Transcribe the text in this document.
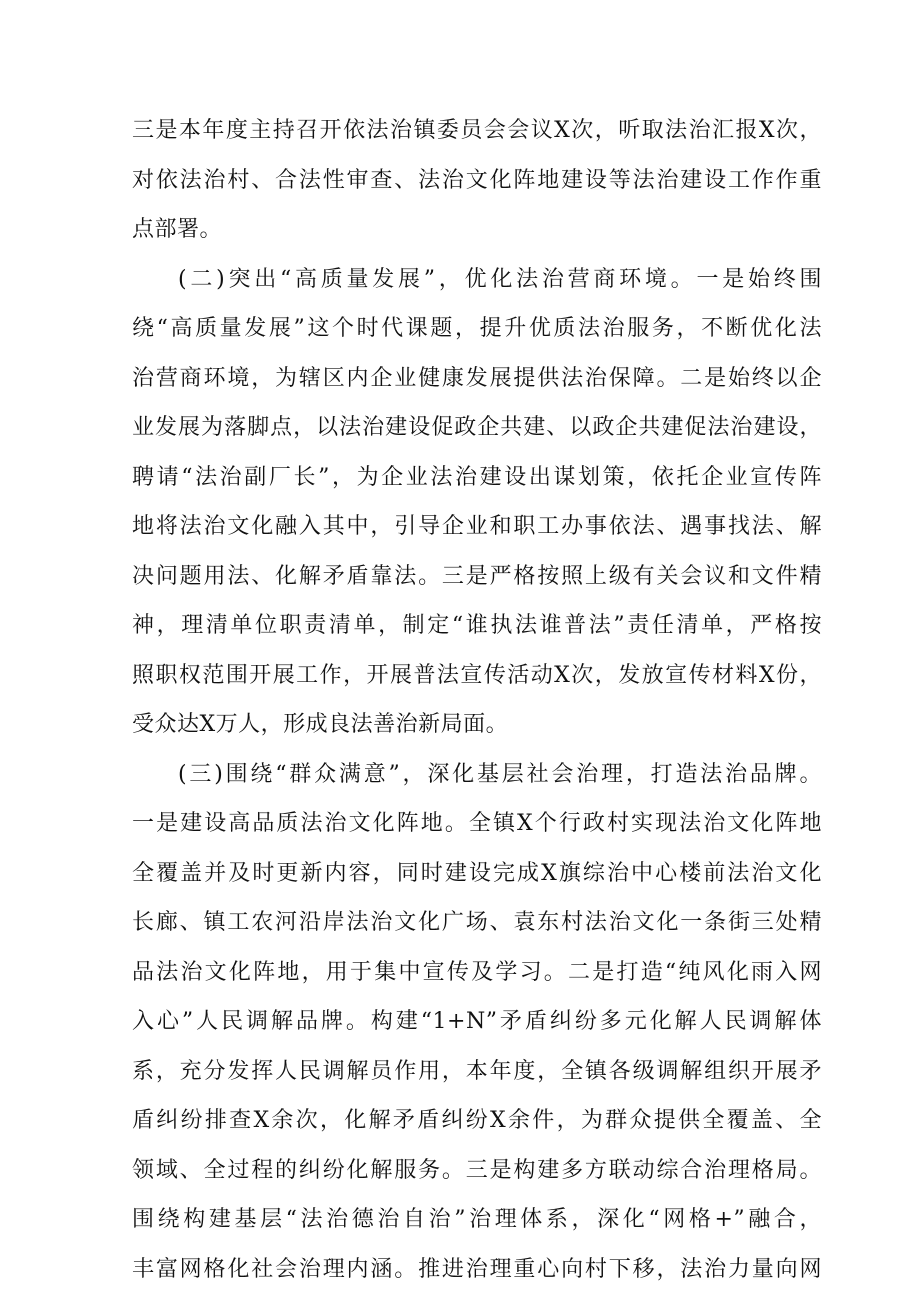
三是本年度主持召开依法治镇委员会会议X次，听取法治汇报X次，
对依法治村、合法性审查、法治文化阵地建设等法治建设工作作重
点部署。
(二)突出“高质量发展”，优化法治营商环境。一是始终围
绕“高质量发展”这个时代课题，提升优质法治服务，不断优化法
治营商环境，为辖区内企业健康发展提供法治保障。二是始终以企
业发展为落脚点，以法治建设促政企共建、以政企共建促法治建设，
聘请“法治副厂长”，为企业法治建设出谋划策，依托企业宣传阵
地将法治文化融入其中，引导企业和职工办事依法、遇事找法、解
决问题用法、化解矛盾靠法。三是严格按照上级有关会议和文件精
神，理清单位职责清单，制定“谁执法谁普法”责任清单，严格按
照职权范围开展工作，开展普法宣传活动X次，发放宣传材料X份，
受众达X万人，形成良法善治新局面。
(三)围绕“群众满意”，深化基层社会治理，打造法治品牌。
一是建设高品质法治文化阵地。全镇X个行政村实现法治文化阵地
全覆盖并及时更新内容，同时建设完成X旗综治中心楼前法治文化
长廊、镇工农河沿岸法治文化广场、袁东村法治文化一条街三处精
品法治文化阵地，用于集中宣传及学习。二是打造“纯风化雨入网
入心”人民调解品牌。构建“1+N”矛盾纠纷多元化解人民调解体
系，充分发挥人民调解员作用，本年度，全镇各级调解组织开展矛
盾纠纷排查X余次，化解矛盾纠纷X余件，为群众提供全覆盖、全
领域、全过程的纠纷化解服务。三是构建多方联动综合治理格局。
围绕构建基层“法治德治自治”治理体系，深化“网格+”融合，
丰富网格化社会治理内涵。推进治理重心向村下移，法治力量向网
